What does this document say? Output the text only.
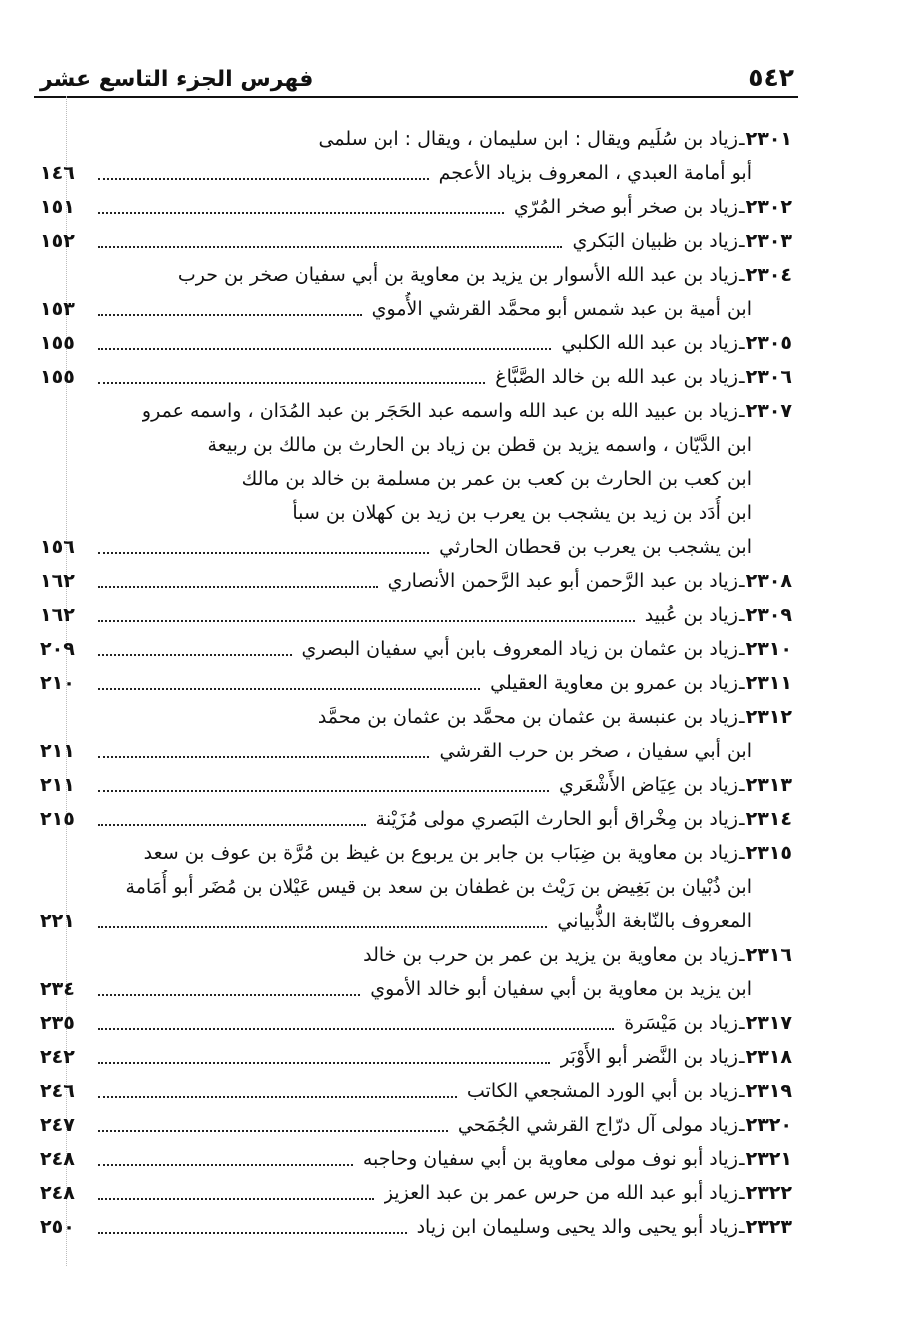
٥٤٢
فهرس الجزء التاسع عشر
٢٣٠١
ـ
زياد بن سُلَيم ويقال : ابن سليمان ، ويقال : ابن سلمى
أبو أمامة العبدي ، المعروف بزياد الأعجم
١٤٦
٢٣٠٢
ـ
زياد بن صخر أبو صخر المُرّي
١٥١
٢٣٠٣
ـ
زياد بن ظبيان البَكري
١٥٢
٢٣٠٤
ـ
زياد بن عبد الله الأسوار بن يزيد بن معاوية بن أبي سفيان صخر بن حرب
ابن أمية بن عبد شمس أبو محمَّد القرشي الأُموي
١٥٣
٢٣٠٥
ـ
زياد بن عبد الله الكلبي
١٥٥
٢٣٠٦
ـ
زياد بن عبد الله بن خالد الصَّبَّاغ
١٥٥
٢٣٠٧
ـ
زياد بن عبيد الله بن عبد الله واسمه عبد الحَجَر بن عبد المُدَان ، واسمه عمرو
ابن الدَّيّان ، واسمه يزيد بن قطن بن زياد بن الحارث بن مالك بن ربيعة
ابن كعب بن الحارث بن كعب بن عمر بن مسلمة بن خالد بن مالك
ابن أُدَد بن زيد بن يشجب بن يعرب بن زيد بن كهلان بن سبأ
ابن يشجب بن يعرب بن قحطان الحارثي
١٥٦
٢٣٠٨
ـ
زياد بن عبد الرَّحمن أبو عبد الرَّحمن الأنصاري
١٦٢
٢٣٠٩
ـ
زياد بن عُبيد
١٦٢
٢٣١٠
ـ
زياد بن عثمان بن زياد المعروف بابن أبي سفيان البصري
٢٠٩
٢٣١١
ـ
زياد بن عمرو بن معاوية العقيلي
٢١٠
٢٣١٢
ـ
زياد بن عنبسة بن عثمان بن محمَّد بن عثمان بن محمَّد
ابن أبي سفيان ، صخر بن حرب القرشي
٢١١
٢٣١٣
ـ
زياد بن عِيَاض الأَشْعَري
٢١١
٢٣١٤
ـ
زياد بن مِخْراق أبو الحارث البَصري مولى مُزَيْنة
٢١٥
٢٣١٥
ـ
زياد بن معاوية بن ضِبَاب بن جابر بن يربوع بن غيظ بن مُرَّة بن عوف بن سعد
ابن ذُبْيان بن بَغِيض بن رَيْث بن غطفان بن سعد بن قيس عَيْلان بن مُضَر أبو أُمَامة
المعروف بالنّابغة الذُّبياني
٢٢١
٢٣١٦
ـ
زياد بن معاوية بن يزيد بن عمر بن حرب بن خالد
ابن يزيد بن معاوية بن أبي سفيان أبو خالد الأموي
٢٣٤
٢٣١٧
ـ
زياد بن مَيْسَرة
٢٣٥
٢٣١٨
ـ
زياد بن النَّضر أبو الأَوْبَر
٢٤٢
٢٣١٩
ـ
زياد بن أبي الورد المشجعي الكاتب
٢٤٦
٢٣٢٠
ـ
زياد مولى آل درّاج القرشي الجُمَحي
٢٤٧
٢٣٢١
ـ
زياد أبو نوف مولى معاوية بن أبي سفيان وحاجبه
٢٤٨
٢٣٢٢
ـ
زياد أبو عبد الله من حرس عمر بن عبد العزيز
٢٤٨
٢٣٢٣
ـ
زياد أبو يحيى والد يحيى وسليمان ابن زياد
٢٥٠
